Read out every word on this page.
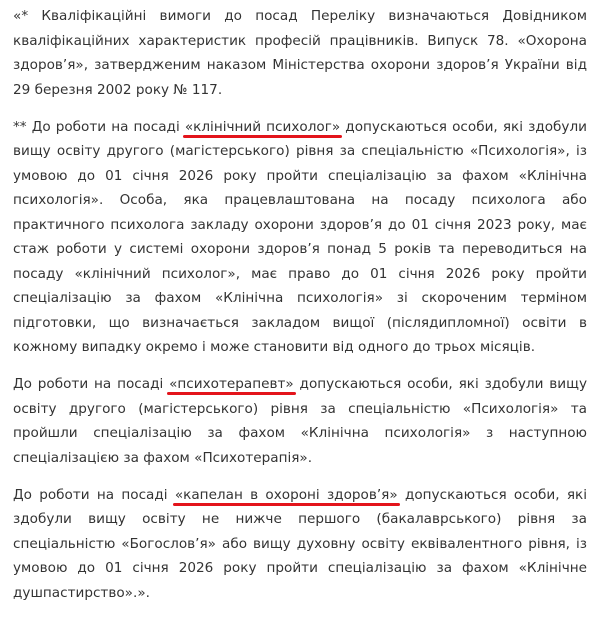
«* Кваліфікаційні вимоги до посад Переліку визначаються Довідником кваліфікаційних характеристик професій працівників. Випуск 78. «Охорона здоров’я», затвердженим наказом Міністерства охорони здоров’я України від 29 березня 2002 року № 117.

** До роботи на посаді «клінічний психолог» допускаються особи, які здобули вищу освіту другого (магістерського) рівня за спеціальністю «Психологія», із умовою до 01 січня 2026 року пройти спеціалізацію за фахом «Клінічна психологія». Особа, яка працевлаштована на посаду психолога або практичного психолога закладу охорони здоров’я до 01 січня 2023 року, має стаж роботи у системі охорони здоров’я понад 5 років та переводиться на посаду «клінічний психолог», має право до 01 січня 2026 року пройти спеціалізацію за фахом «Клінічна психологія» зі скороченим терміном підготовки, що визначається закладом вищої (післядипломної) освіти в кожному випадку окремо і може становити від одного до трьох місяців.

До роботи на посаді «психотерапевт» допускаються особи, які здобули вищу освіту другого (магістерського) рівня за спеціальністю «Психологія» та пройшли спеціалізацію за фахом «Клінічна психологія» з наступною спеціалізацією за фахом «Психотерапія».

До роботи на посаді «капелан в охороні здоров’я» допускаються особи, які здобули вищу освіту не нижче першого (бакалаврського) рівня за спеціальністю «Богослов’я» або вищу духовну освіту еквівалентного рівня, із умовою до 01 січня 2026 року пройти спеціалізацію за фахом «Клінічне душпастирство».».
